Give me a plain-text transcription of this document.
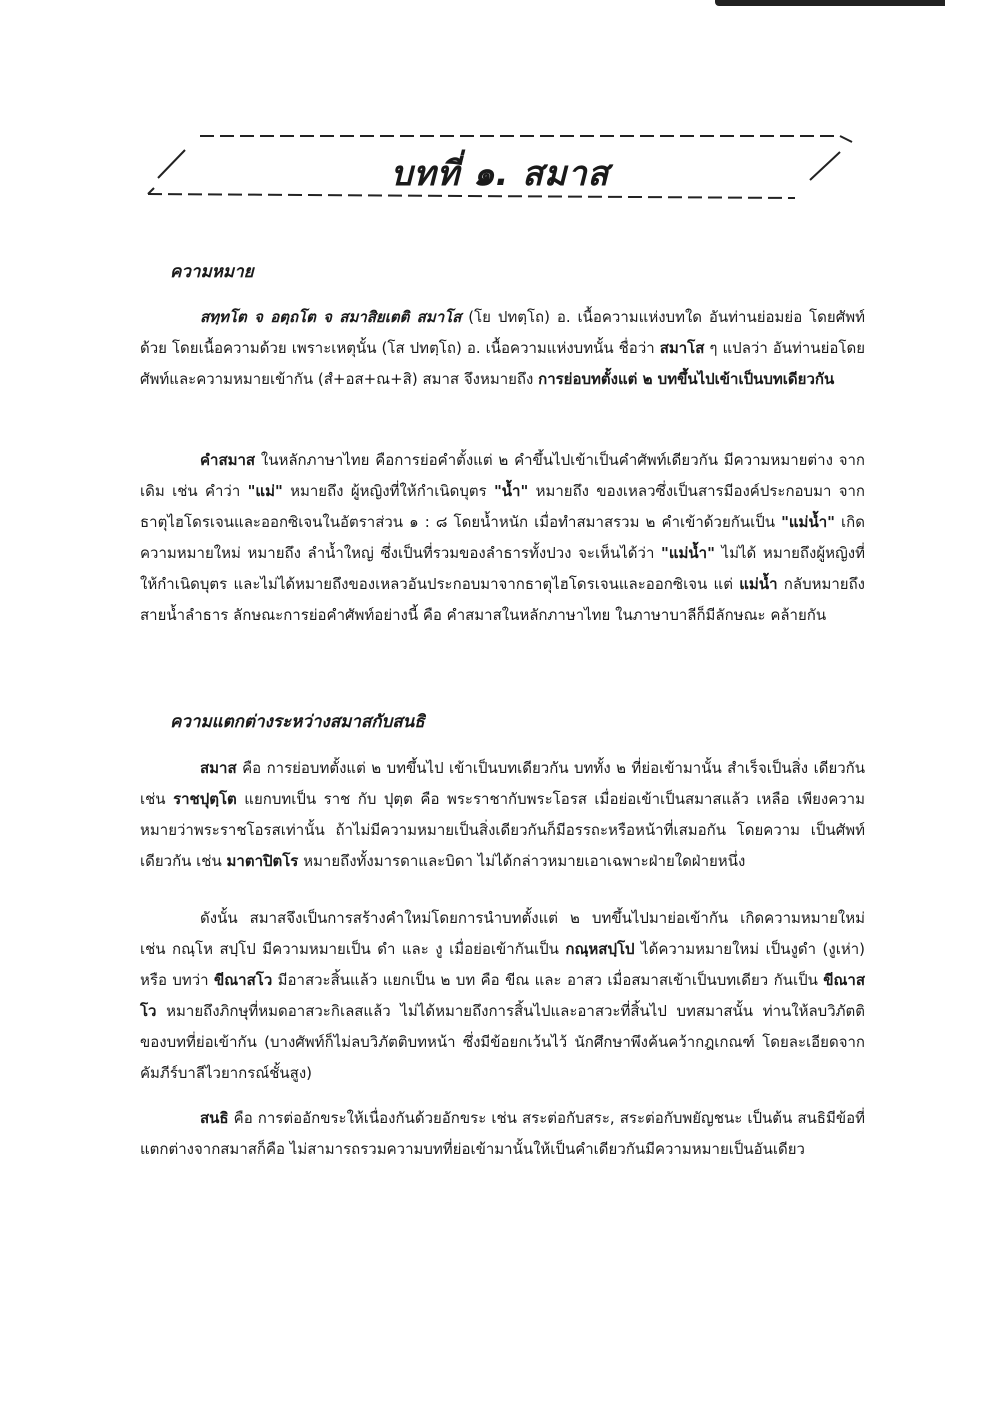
บทที่ ๑. สมาส
ความหมาย
สทฺทโต จ อตฺถโต จ สมาสิยเตติ สมาโส (โย ปทตฺโถ) อ. เนื้อความแห่งบทใด อันท่านย่อมย่อ โดยศัพท์ด้วย โดยเนื้อความด้วย เพราะเหตุนั้น (โส ปทตฺโถ) อ. เนื้อความแห่งบทนั้น ชื่อว่า สมาโส ๆ แปลว่า อันท่านย่อโดยศัพท์และความหมายเข้ากัน (สํ+อส+ณ+สิ) สมาส จึงหมายถึง การย่อบทตั้งแต่ ๒ บทขึ้นไปเข้าเป็นบทเดียวกัน
คำสมาส ในหลักภาษาไทย คือการย่อคำตั้งแต่ ๒ คำขึ้นไปเข้าเป็นคำศัพท์เดียวกัน มีความหมายต่าง จากเดิม เช่น คำว่า "แม่" หมายถึง ผู้หญิงที่ให้กำเนิดบุตร "น้ำ" หมายถึง ของเหลวซึ่งเป็นสารมีองค์ประกอบมา จากธาตุไฮโดรเจนและออกซิเจนในอัตราส่วน ๑ : ๘ โดยน้ำหนัก เมื่อทำสมาสรวม ๒ คำเข้าด้วยกันเป็น "แม่น้ำ" เกิดความหมายใหม่ หมายถึง ลำน้ำใหญ่ ซึ่งเป็นที่รวมของลำธารทั้งปวง จะเห็นได้ว่า "แม่น้ำ" ไม่ได้ หมายถึงผู้หญิงที่ให้กำเนิดบุตร และไม่ได้หมายถึงของเหลวอันประกอบมาจากธาตุไฮโดรเจนและออกซิเจน แต่ แม่น้ำ กลับหมายถึงสายน้ำลำธาร ลักษณะการย่อคำศัพท์อย่างนี้ คือ คำสมาสในหลักภาษาไทย ในภาษาบาลีก็มีลักษณะ คล้ายกัน
ความแตกต่างระหว่างสมาสกับสนธิ
สมาส คือ การย่อบทตั้งแต่ ๒ บทขึ้นไป เข้าเป็นบทเดียวกัน บททั้ง ๒ ที่ย่อเข้ามานั้น สำเร็จเป็นสิ่ง เดียวกันเช่น ราชปุตฺโต แยกบทเป็น ราช กับ ปุตฺต คือ พระราชากับพระโอรส เมื่อย่อเข้าเป็นสมาสแล้ว เหลือ เพียงความหมายว่าพระราชโอรสเท่านั้น ถ้าไม่มีความหมายเป็นสิ่งเดียวกันก็มีอรรถะหรือหน้าที่เสมอกัน โดยความ เป็นศัพท์เดียวกัน เช่น มาตาปิตโร หมายถึงทั้งมารดาและบิดา ไม่ได้กล่าวหมายเอาเฉพาะฝ่ายใดฝ่ายหนึ่ง
ดังนั้น สมาสจึงเป็นการสร้างคำใหม่โดยการนำบทตั้งแต่ ๒ บทขึ้นไปมาย่อเข้ากัน เกิดความหมายใหม่ เช่น กณฺโห สปฺโป มีความหมายเป็น ดำ และ งู เมื่อย่อเข้ากันเป็น กณฺหสปฺโป ได้ความหมายใหม่ เป็นงูดำ (งูเห่า) หรือ บทว่า ขีณาสโว มีอาสวะสิ้นแล้ว แยกเป็น ๒ บท คือ ขีณ และ อาสว เมื่อสมาสเข้าเป็นบทเดียว กันเป็น ขีณาสโว หมายถึงภิกษุที่หมดอาสวะกิเลสแล้ว ไม่ได้หมายถึงการสิ้นไปและอาสวะที่สิ้นไป บทสมาสนั้น ท่านให้ลบวิภัตติของบทที่ย่อเข้ากัน (บางศัพท์ก็ไม่ลบวิภัตติบทหน้า ซึ่งมีข้อยกเว้นไว้ นักศึกษาพึงค้นคว้ากฎเกณฑ์ โดยละเอียดจากคัมภีร์บาลีไวยากรณ์ชั้นสูง)
สนธิ คือ การต่ออักขระให้เนื่องกันด้วยอักขระ เช่น สระต่อกับสระ, สระต่อกับพยัญชนะ เป็นต้น สนธิมีข้อที่แตกต่างจากสมาสก็คือ ไม่สามารถรวมความบทที่ย่อเข้ามานั้นให้เป็นคำเดียวกันมีความหมายเป็นอันเดียว
